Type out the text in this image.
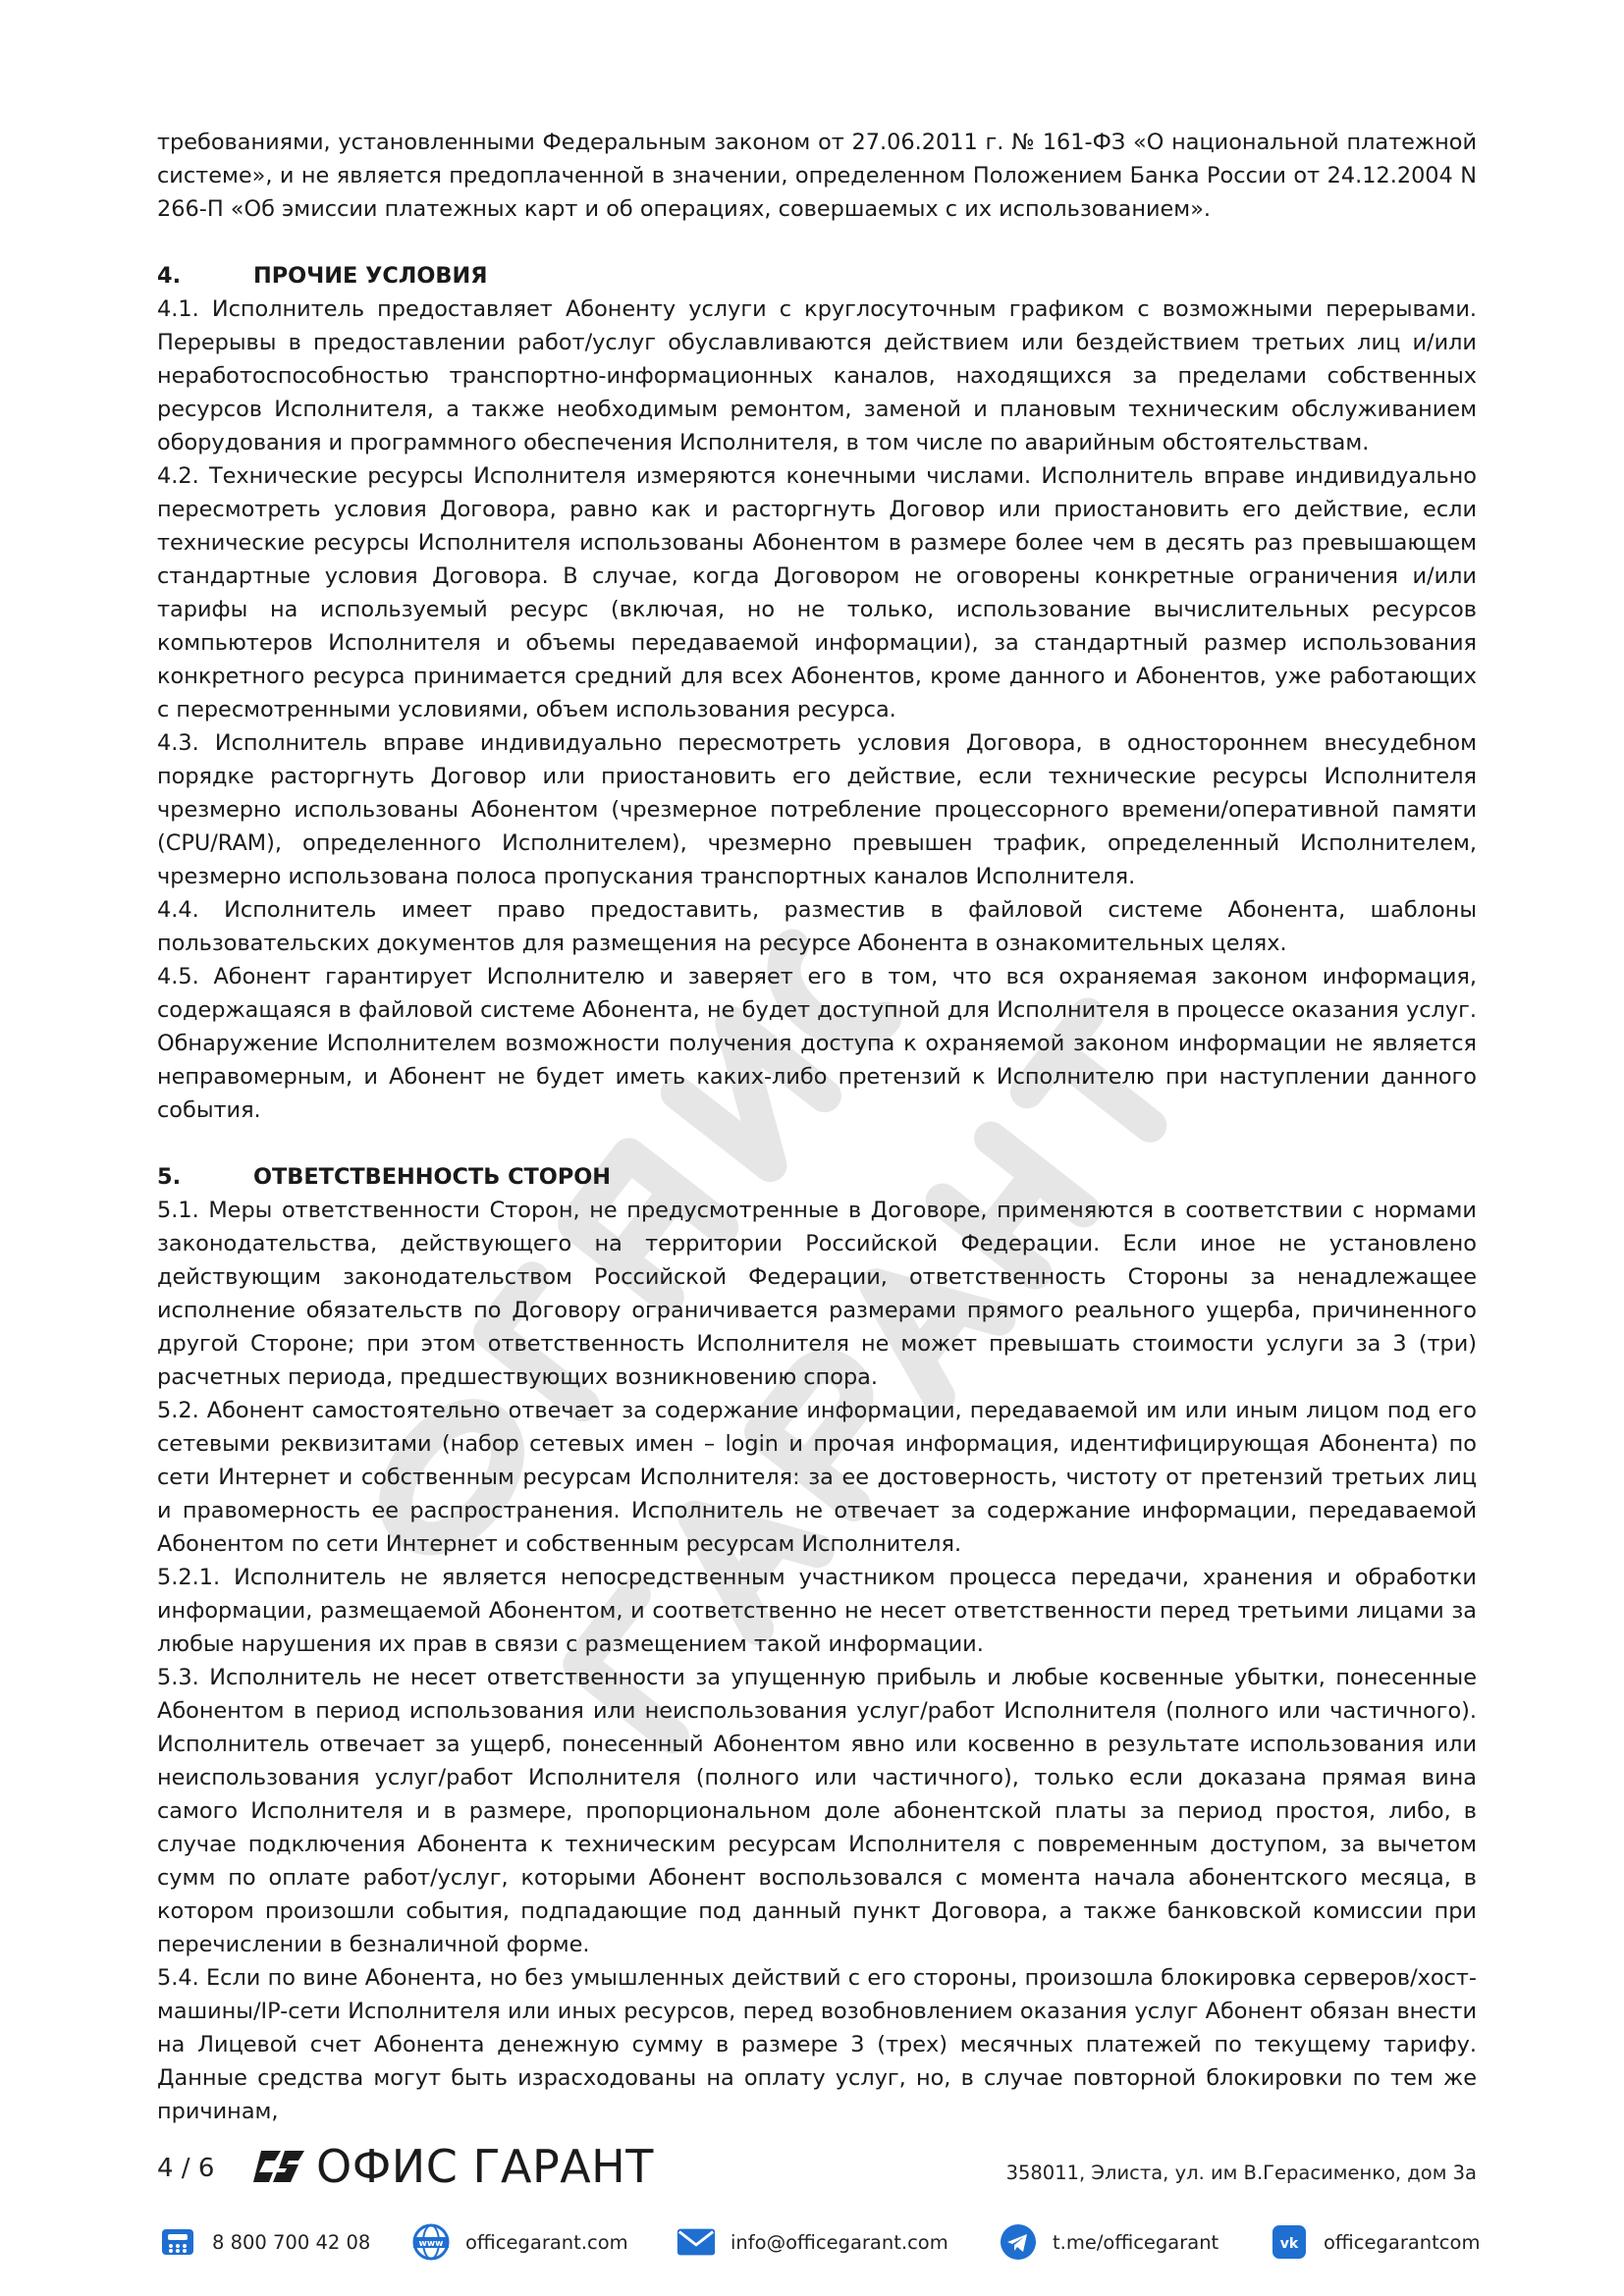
требованиями, установленными Федеральным законом от 27.06.2011 г. № 161-ФЗ «О национальной платежной системе», и не является предоплаченной в значении, определенном Положением Банка России от 24.12.2004 N 266-П «Об эмиссии платежных карт и об операциях, совершаемых с их использованием».

4.	ПРОЧИЕ УСЛОВИЯ

4.1. Исполнитель предоставляет Абоненту услуги с круглосуточным графиком с возможными перерывами. Перерывы в предоставлении работ/услуг обуславливаются действием или бездействием третьих лиц и/или неработоспособностью транспортно-информационных каналов, находящихся за пределами собственных ресурсов Исполнителя, а также необходимым ремонтом, заменой и плановым техническим обслуживанием оборудования и программного обеспечения Исполнителя, в том числе по аварийным обстоятельствам.

4.2. Технические ресурсы Исполнителя измеряются конечными числами. Исполнитель вправе индивидуально пересмотреть условия Договора, равно как и расторгнуть Договор или приостановить его действие, если технические ресурсы Исполнителя использованы Абонентом в размере более чем в десять раз превышающем стандартные условия Договора. В случае, когда Договором не оговорены конкретные ограничения и/или тарифы на используемый ресурс (включая, но не только, использование вычислительных ресурсов компьютеров Исполнителя и объемы передаваемой информации), за стандартный размер использования конкретного ресурса принимается средний для всех Абонентов, кроме данного и Абонентов, уже работающих с пересмотренными условиями, объем использования ресурса.

4.3. Исполнитель вправе индивидуально пересмотреть условия Договора, в одностороннем внесудебном порядке расторгнуть Договор или приостановить его действие, если технические ресурсы Исполнителя чрезмерно использованы Абонентом (чрезмерное потребление процессорного времени/оперативной памяти (CPU/RAM), определенного Исполнителем), чрезмерно превышен трафик, определенный Исполнителем, чрезмерно использована полоса пропускания транспортных каналов Исполнителя.

4.4. Исполнитель имеет право предоставить, разместив в файловой системе Абонента, шаблоны пользовательских документов для размещения на ресурсе Абонента в ознакомительных целях.

4.5. Абонент гарантирует Исполнителю и заверяет его в том, что вся охраняемая законом информация, содержащаяся в файловой системе Абонента, не будет доступной для Исполнителя в процессе оказания услуг. Обнаружение Исполнителем возможности получения доступа к охраняемой законом информации не является неправомерным, и Абонент не будет иметь каких-либо претензий к Исполнителю при наступлении данного события.

5.	ОТВЕТСТВЕННОСТЬ СТОРОН

5.1. Меры ответственности Сторон, не предусмотренные в Договоре, применяются в соответствии с нормами законодательства, действующего на территории Российской Федерации. Если иное не установлено действующим законодательством Российской Федерации, ответственность Стороны за ненадлежащее исполнение обязательств по Договору ограничивается размерами прямого реального ущерба, причиненного другой Стороне; при этом ответственность Исполнителя не может превышать стоимости услуги за 3 (три) расчетных периода, предшествующих возникновению спора.

5.2. Абонент самостоятельно отвечает за содержание информации, передаваемой им или иным лицом под его сетевыми реквизитами (набор сетевых имен – login и прочая информация, идентифицирующая Абонента) по сети Интернет и собственным ресурсам Исполнителя: за ее достоверность, чистоту от претензий третьих лиц и правомерность ее распространения. Исполнитель не отвечает за содержание информации, передаваемой Абонентом по сети Интернет и собственным ресурсам Исполнителя.

5.2.1. Исполнитель не является непосредственным участником процесса передачи, хранения и обработки информации, размещаемой Абонентом, и соответственно не несет ответственности перед третьими лицами за любые нарушения их прав в связи с размещением такой информации.

5.3. Исполнитель не несет ответственности за упущенную прибыль и любые косвенные убытки, понесенные Абонентом в период использования или неиспользования услуг/работ Исполнителя (полного или частичного). Исполнитель отвечает за ущерб, понесенный Абонентом явно или косвенно в результате использования или неиспользования услуг/работ Исполнителя (полного или частичного), только если доказана прямая вина самого Исполнителя и в размере, пропорциональном доле абонентской платы за период простоя, либо, в случае подключения Абонента к техническим ресурсам Исполнителя с повременным доступом, за вычетом сумм по оплате работ/услуг, которыми Абонент воспользовался с момента начала абонентского месяца, в котором произошли события, подпадающие под данный пункт Договора, а также банковской комиссии при перечислении в безналичной форме.

5.4. Если по вине Абонента, но без умышленных действий с его стороны, произошла блокировка серверов/хост-машины/IP-сети Исполнителя или иных ресурсов, перед возобновлением оказания услуг Абонент обязан внести на Лицевой счет Абонента денежную сумму в размере 3 (трех) месячных платежей по текущему тарифу. Данные средства могут быть израсходованы на оплату услуг, но, в случае повторной блокировки по тем же причинам,

4 / 6 ОФИС ГАРАНТ	358011, Элиста, ул. им В.Герасименко, дом 3а
8 800 700 42 08	www officegarant.com	info@officegarant.com	t.me/officegarant	vk officegarantcom
